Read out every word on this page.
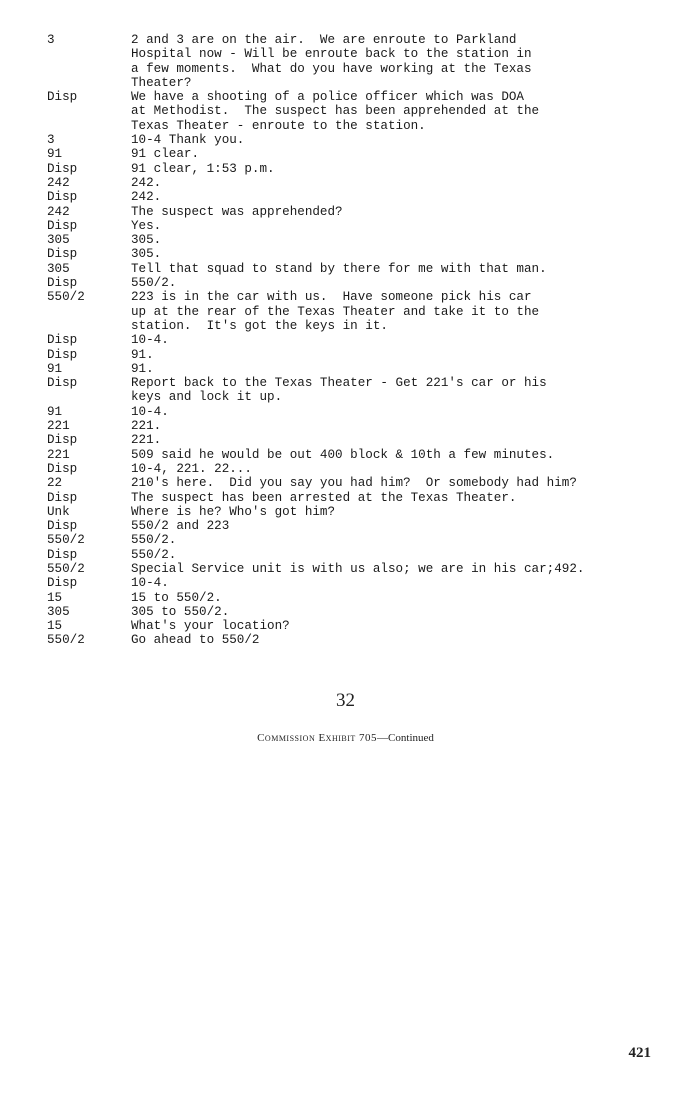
3	2 and 3 are on the air.  We are enroute to Parkland
Hospital now - Will be enroute back to the station in
a few moments.  What do you have working at the Texas
Theater?
Disp	We have a shooting of a police officer which was DOA
at Methodist.  The suspect has been apprehended at the
Texas Theater - enroute to the station.
3	10-4 Thank you.
91	91 clear.
Disp	91 clear, 1:53 p.m.
242	242.
Disp	242.
242	The suspect was apprehended?
Disp	Yes.
305	305.
Disp	305.
305	Tell that squad to stand by there for me with that man.
Disp	550/2.
550/2	223 is in the car with us.  Have someone pick his car
up at the rear of the Texas Theater and take it to the
station.  It's got the keys in it.
Disp	10-4.
Disp	91.
91	91.
Disp	Report back to the Texas Theater - Get 221's car or his
keys and lock it up.
91	10-4.
221	221.
Disp	221.
221	509 said he would be out 400 block & 10th a few minutes.
Disp	10-4, 221. 22...
22	210's here.  Did you say you had him?  Or somebody had him?
Disp	The suspect has been arrested at the Texas Theater.
Unk	Where is he? Who's got him?
Disp	550/2 and 223
550/2	550/2.
Disp	550/2.
550/2	Special Service unit is with us also; we are in his car;492.
Disp	10-4.
15	15 to 550/2.
305	305 to 550/2.
15	What's your location?
550/2	Go ahead to 550/2
32
Commission Exhibit 705—Continued
421
